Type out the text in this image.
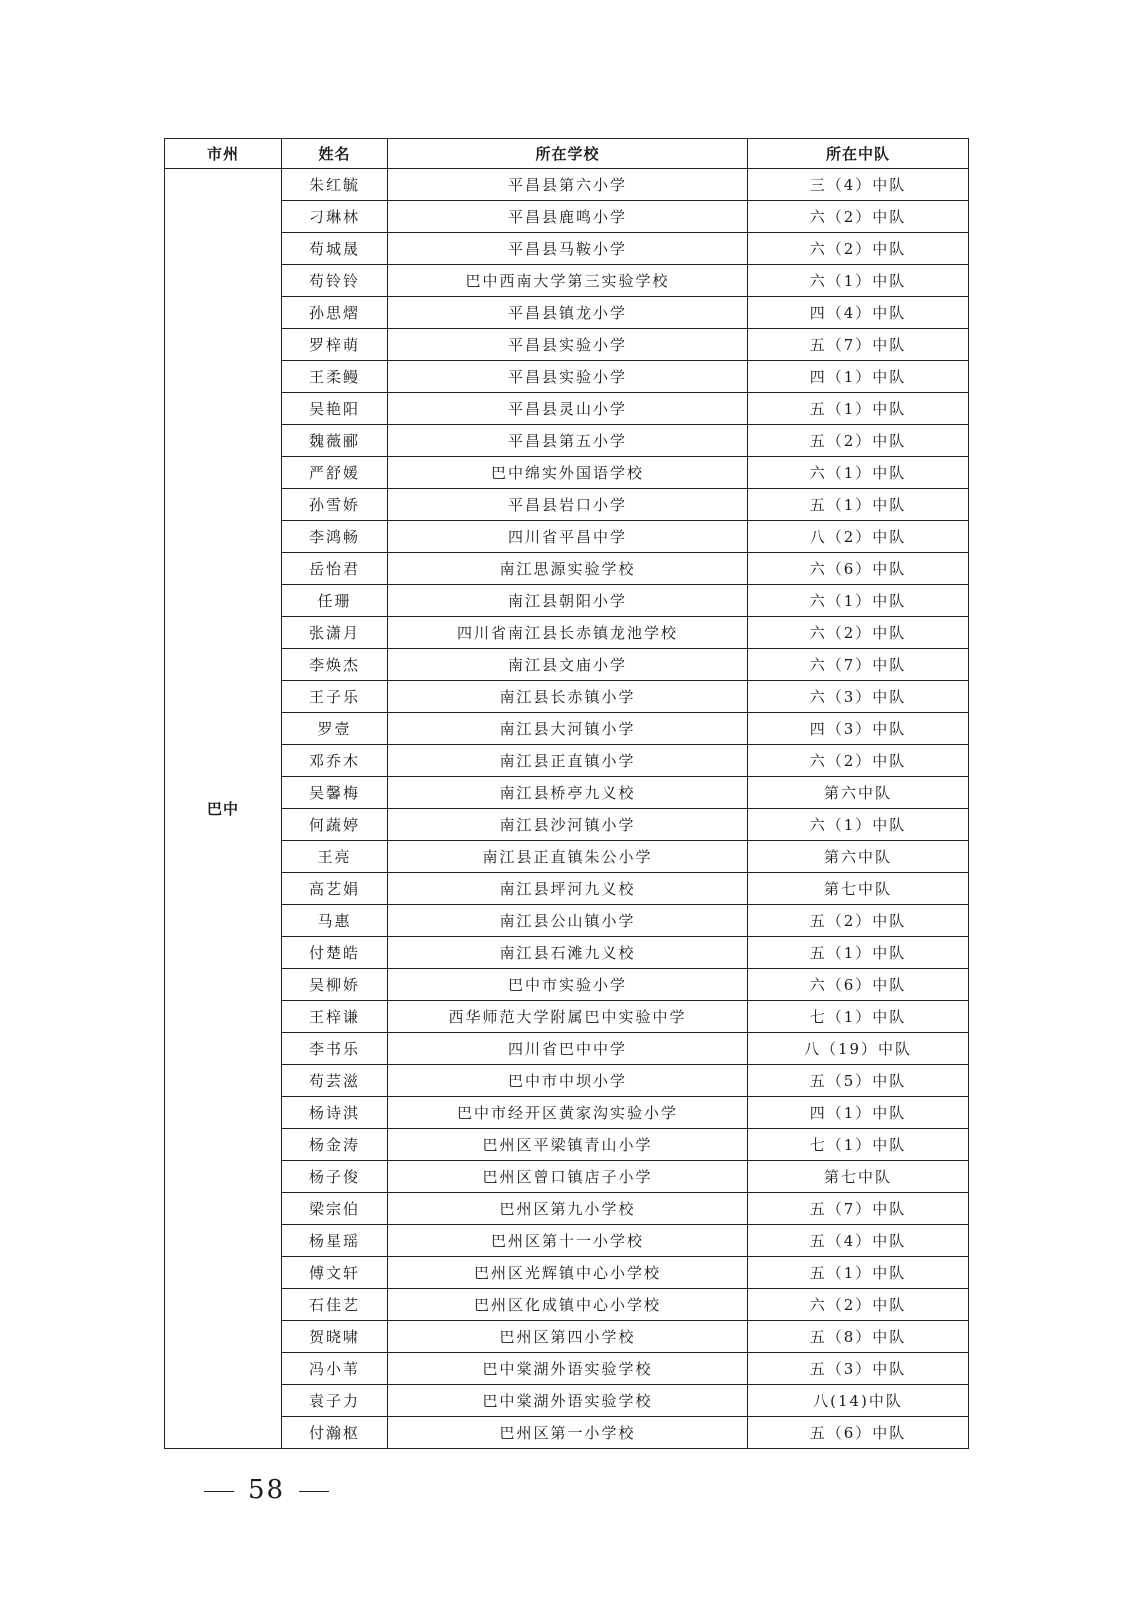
市州	姓名	所在学校	所在中队
巴中	朱红毓	平昌县第六小学	三（4）中队
	刁琳林	平昌县鹿鸣小学	六（2）中队
	苟城晟	平昌县马鞍小学	六（2）中队
	苟铃铃	巴中西南大学第三实验学校	六（1）中队
	孙思熠	平昌县镇龙小学	四（4）中队
	罗梓萌	平昌县实验小学	五（7）中队
	王柔鳗	平昌县实验小学	四（1）中队
	吴艳阳	平昌县灵山小学	五（1）中队
	魏薇郦	平昌县第五小学	五（2）中队
	严舒媛	巴中绵实外国语学校	六（1）中队
	孙雪娇	平昌县岩口小学	五（1）中队
	李鸿畅	四川省平昌中学	八（2）中队
	岳怡君	南江思源实验学校	六（6）中队
	任珊	南江县朝阳小学	六（1）中队
	张潇月	四川省南江县长赤镇龙池学校	六（2）中队
	李焕杰	南江县文庙小学	六（7）中队
	王子乐	南江县长赤镇小学	六（3）中队
	罗壹	南江县大河镇小学	四（3）中队
	邓乔木	南江县正直镇小学	六（2）中队
	吴馨梅	南江县桥亭九义校	第六中队
	何蔬婷	南江县沙河镇小学	六（1）中队
	王亮	南江县正直镇朱公小学	第六中队
	高艺娟	南江县坪河九义校	第七中队
	马惠	南江县公山镇小学	五（2）中队
	付楚皓	南江县石滩九义校	五（1）中队
	吴柳娇	巴中市实验小学	六（6）中队
	王梓谦	西华师范大学附属巴中实验中学	七（1）中队
	李书乐	四川省巴中中学	八（19）中队
	苟芸滋	巴中市中坝小学	五（5）中队
	杨诗淇	巴中市经开区黄家沟实验小学	四（1）中队
	杨金涛	巴州区平梁镇青山小学	七（1）中队
	杨子俊	巴州区曾口镇店子小学	第七中队
	梁宗伯	巴州区第九小学校	五（7）中队
	杨星瑶	巴州区第十一小学校	五（4）中队
	傅文轩	巴州区光辉镇中心小学校	五（1）中队
	石佳艺	巴州区化成镇中心小学校	六（2）中队
	贺晓啸	巴州区第四小学校	五（8）中队
	冯小苇	巴中棠湖外语实验学校	五（3）中队
	袁子力	巴中棠湖外语实验学校	八(14)中队
	付瀚枢	巴州区第一小学校	五（6）中队
58
